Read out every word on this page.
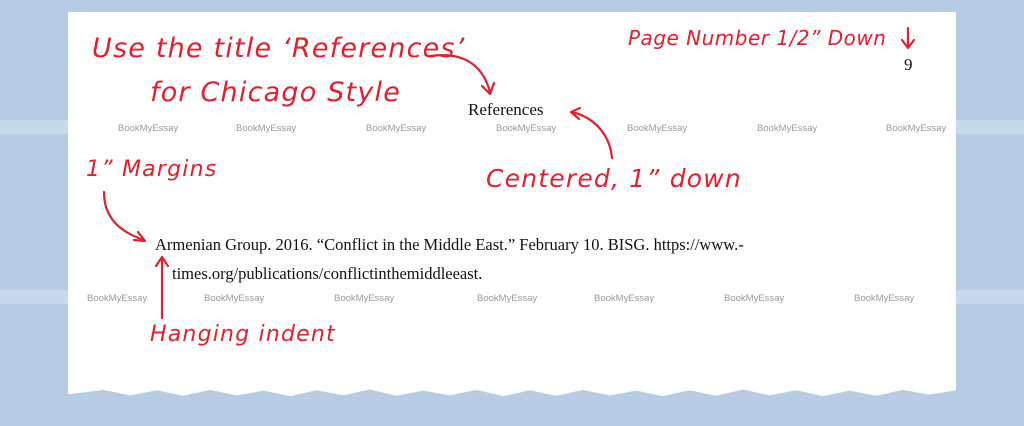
BookMyEssay	BookMyEssay	BookMyEssay	BookMyEssay	BookMyEssay	BookMyEssay	BookMyEssay
BookMyEssay	BookMyEssay	BookMyEssay	BookMyEssay	BookMyEssay	BookMyEssay	BookMyEssay
9
References
Armenian Group. 2016. “Conflict in the Middle East.” February 10. BISG. https://www.-
times.org/publications/conflictinthemiddleeast.
Use the title ‘References’
for Chicago Style
Page Number 1/2” Down
Centered, 1” down
1” Margins
Hanging indent
